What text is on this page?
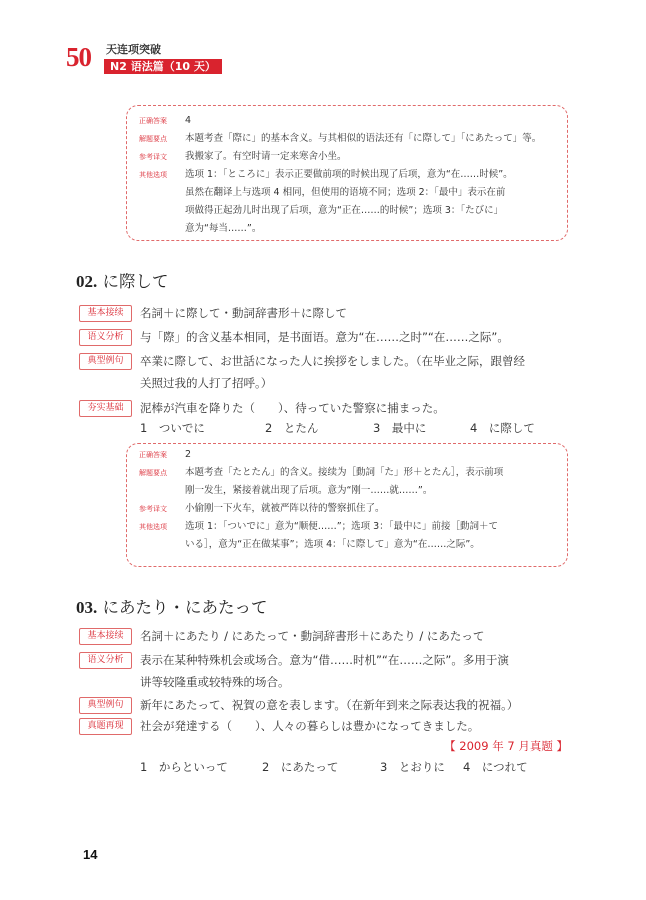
50 天连项突破
N2 语法篇（10 天）
正确答案 4
解题要点 本题考查「際に」的基本含义。与其相似的语法还有「に際して」「にあたって」等。
参考译文 我搬家了。有空时请一定来寒舍小坐。
其他选项 选项 1：「ところに」表示正要做前项的时候出现了后项，意为“在……时候”。
虽然在翻译上与选项 4 相同，但使用的语境不同；选项 2：「最中」表示在前
项做得正起劲儿时出现了后项，意为“正在……的时候”；选项 3：「たびに」
意为“每当……”。
02. に際して
基本接续	名詞＋に際して・動詞辞書形＋に際して
语义分析	与「際」的含义基本相同，是书面语。意为“在……之时”“在……之际”。
典型例句	卒業に際して、お世話になった人に挨拶をしました。（在毕业之际，跟曾经
关照过我的人打了招呼。）
夯实基础	泥棒が汽車を降りた（　　）、待っていた警察に捕まった。
1　ついでに	2　とたん	3　最中に	4　に際して
正确答案 2
解题要点 本题考查「たとたん」的含义。接续为［動詞「た」形＋とたん］，表示前项
刚一发生，紧接着就出现了后项。意为“刚一……就……”。
参考译文 小偷刚一下火车，就被严阵以待的警察抓住了。
其他选项 选项 1：「ついでに」意为“顺便……”；选项 3：「最中に」前接［動詞＋て
いる］，意为“正在做某事”；选项 4：「に際して」意为“在……之际”。
03. にあたり・にあたって
基本接续	名詞＋にあたり / にあたって・動詞辞書形＋にあたり / にあたって
语义分析	表示在某种特殊机会或场合。意为“借……时机”“在……之际”。多用于演
讲等较隆重或较特殊的场合。
典型例句	新年にあたって、祝賀の意を表します。（在新年到来之际表达我的祝福。）
真题再现	社会が発達する（　　）、人々の暮らしは豊かになってきました。
【 2009 年 7 月真题 】
1　からといって	2　にあたって	3　とおりに 4　につれて
14
